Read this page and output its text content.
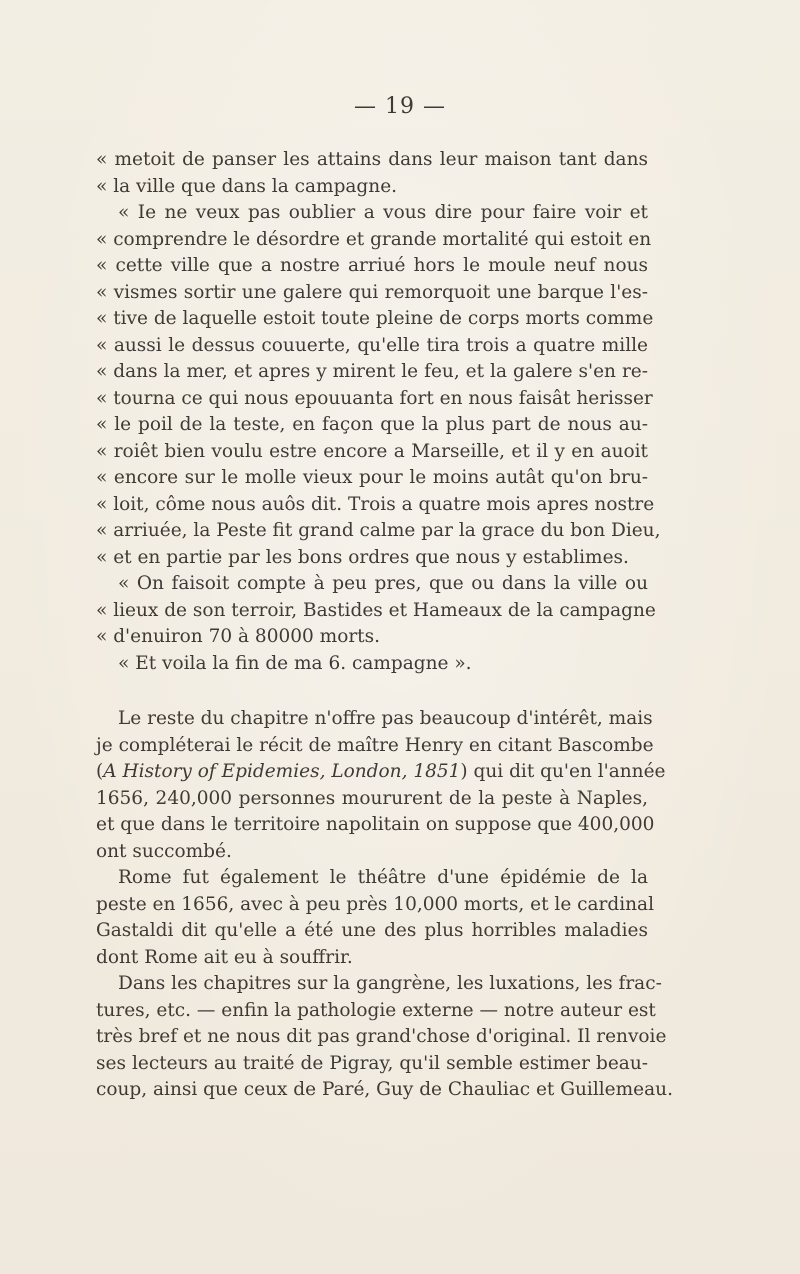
— 19 —
« metoit de panser les attains dans leur maison tant dans
« la ville que dans la campagne.
« Ie ne veux pas oublier a vous dire pour faire voir et
« comprendre le désordre et grande mortalité qui estoit en
« cette ville que a nostre arriué hors le moule neuf nous
« vismes sortir une galere qui remorquoit une barque l'es-
« tive de laquelle estoit toute pleine de corps morts comme
« aussi le dessus couuerte, qu'elle tira trois a quatre mille
« dans la mer, et apres y mirent le feu, et la galere s'en re-
« tourna ce qui nous epouuanta fort en nous faisât herisser
« le poil de la teste, en façon que la plus part de nous au-
« roiêt bien voulu estre encore a Marseille, et il y en auoit
« encore sur le molle vieux pour le moins autât qu'on bru-
« loit, côme nous auôs dit. Trois a quatre mois apres nostre
« arriuée, la Peste fit grand calme par la grace du bon Dieu,
« et en partie par les bons ordres que nous y establimes.
« On faisoit compte à peu pres, que ou dans la ville ou
« lieux de son terroir, Bastides et Hameaux de la campagne
« d'enuiron 70 à 80000 morts.
« Et voila la fin de ma 6. campagne ».
Le reste du chapitre n'offre pas beaucoup d'intérêt, mais
je compléterai le récit de maître Henry en citant Bascombe
(A History of Epidemies, London, 1851) qui dit qu'en l'année
1656, 240,000 personnes moururent de la peste à Naples,
et que dans le territoire napolitain on suppose que 400,000
ont succombé.
Rome fut également le théâtre d'une épidémie de la
peste en 1656, avec à peu près 10,000 morts, et le cardinal
Gastaldi dit qu'elle a été une des plus horribles maladies
dont Rome ait eu à souffrir.
Dans les chapitres sur la gangrène, les luxations, les frac-
tures, etc. — enfin la pathologie externe — notre auteur est
très bref et ne nous dit pas grand'chose d'original. Il renvoie
ses lecteurs au traité de Pigray, qu'il semble estimer beau-
coup, ainsi que ceux de Paré, Guy de Chauliac et Guillemeau.
